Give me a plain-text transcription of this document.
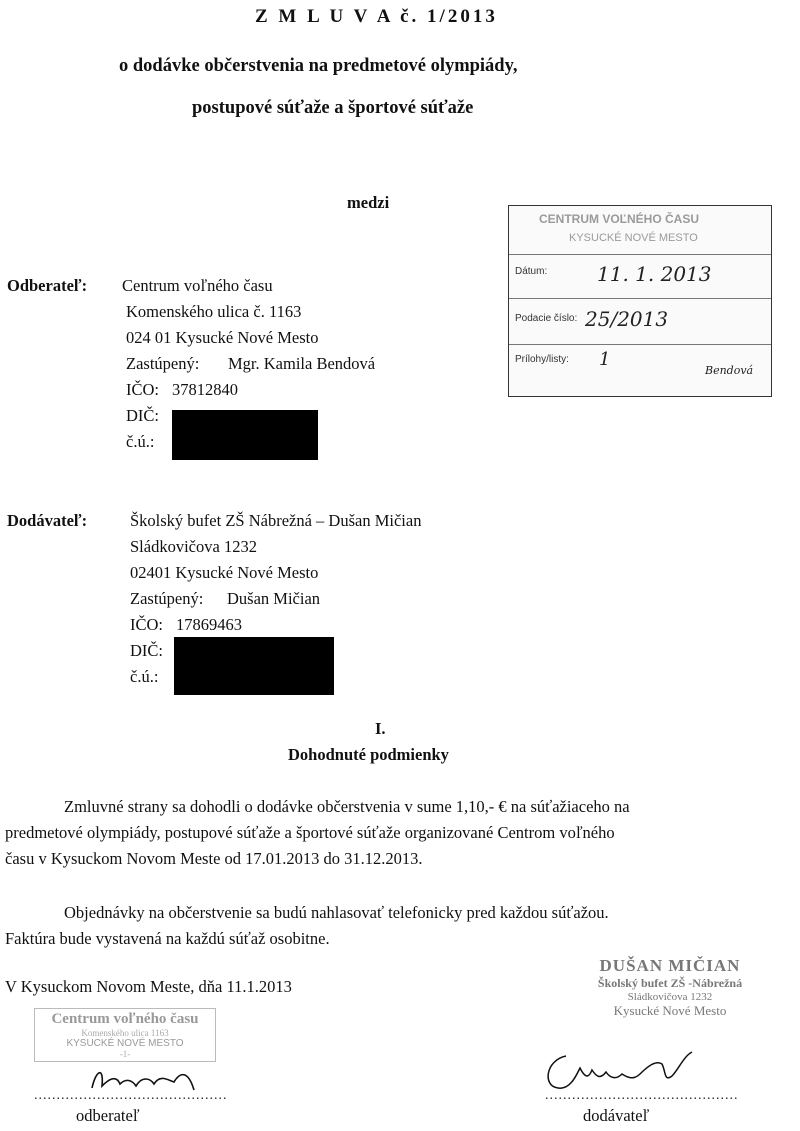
Z M L U V A č. 1/2013
o dodávke občerstvenia na predmetové olympiády,
postupové súťaže a športové súťaže
medzi
CENTRUM VOĽNÉHO ČASU
KYSUCKÉ NOVÉ MESTO
Dátum: 11. 1. 2013
Podacie číslo: 25/2013
Prílohy/listy: 1
Bendová
Odberateľ: Centrum voľného času
Komenského ulica č. 1163
024 01 Kysucké Nové Mesto
Zastúpený: Mgr. Kamila Bendová
IČO: 37812840
DIČ:
č.ú.:
Dodávateľ:	Školský bufet ZŠ Nábrežná – Dušan Mičian
Sládkovičova 1232
02401 Kysucké Nové Mesto
Zastúpený: Dušan Mičian
IČO: 17869463
DIČ:
č.ú.:
I.
Dohodnuté podmienky
Zmluvné strany sa dohodli o dodávke občerstvenia v sume 1,10,- € na súťažiaceho na
predmetové olympiády, postupové súťaže a športové súťaže organizované Centrom voľného
času v Kysuckom Novom Meste od 17.01.2013 do 31.12.2013.
Objednávky na občerstvenie sa budú nahlasovať telefonicky pred každou súťažou.
Faktúra bude vystavená na každú súťaž osobitne.
V Kysuckom Novom Meste, dňa 11.1.2013
DUŠAN MIČIAN
Školský bufet ZŠ -Nábrežná
Sládkovičova 1232
Kysucké Nové Mesto
Centrum voľného času
Komenského ulica 1163
KYSUCKÉ NOVÉ MESTO
-1-
...........................................	...........................................
odberateľ	dodávateľ
